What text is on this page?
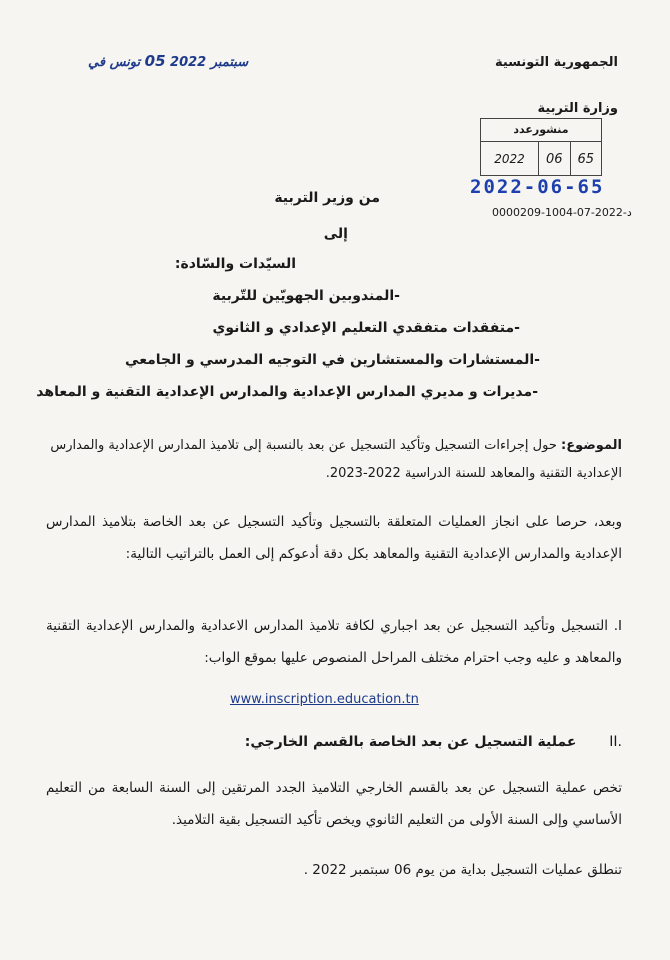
الجمهورية التونسية
وزارة التربية
سبتمبر 2022 05 تونس في
منشورعدد
2022	06	65
2022-06-65
0000209-1004-07-2022-د
من وزير التربية
إلى
السيّدات والسّادة:
-المندوبين الجهويّين للتّربية
-متفقدات متفقدي التعليم الإعدادي و الثانوي
-المستشارات والمستشارين في التوجيه المدرسي و الجامعي
-مديرات و مديري المدارس الإعدادية والمدارس الإعدادية التقنية و المعاهد
الموضوع: حول إجراءات التسجيل وتأكيد التسجيل عن بعد بالنسبة إلى تلاميذ المدارس الإعدادية والمدارس الإعدادية التقنية والمعاهد للسنة الدراسية 2022-2023.
وبعد، حرصا على انجاز العمليات المتعلقة بالتسجيل وتأكيد التسجيل عن بعد الخاصة بتلاميذ المدارس الإعدادية والمدارس الإعدادية التقنية والمعاهد بكل دقة أدعوكم إلى العمل بالتراتيب التالية:
I. التسجيل وتأكيد التسجيل عن بعد اجباري لكافة تلاميذ المدارس الاعدادية والمدارس الإعدادية التقنية والمعاهد و عليه وجب احترام مختلف المراحل المنصوص عليها بموقع الواب:
www.inscription.education.tn
.II عملية التسجيل عن بعد الخاصة بالقسم الخارجي:
تخص عملية التسجيل عن بعد بالقسم الخارجي التلاميذ الجدد المرتقين إلى السنة السابعة من التعليم الأساسي وإلى السنة الأولى من التعليم الثانوي ويخص تأكيد التسجيل بقية التلاميذ.
تنطلق عمليات التسجيل بداية من يوم 06 سبتمبر 2022 .
